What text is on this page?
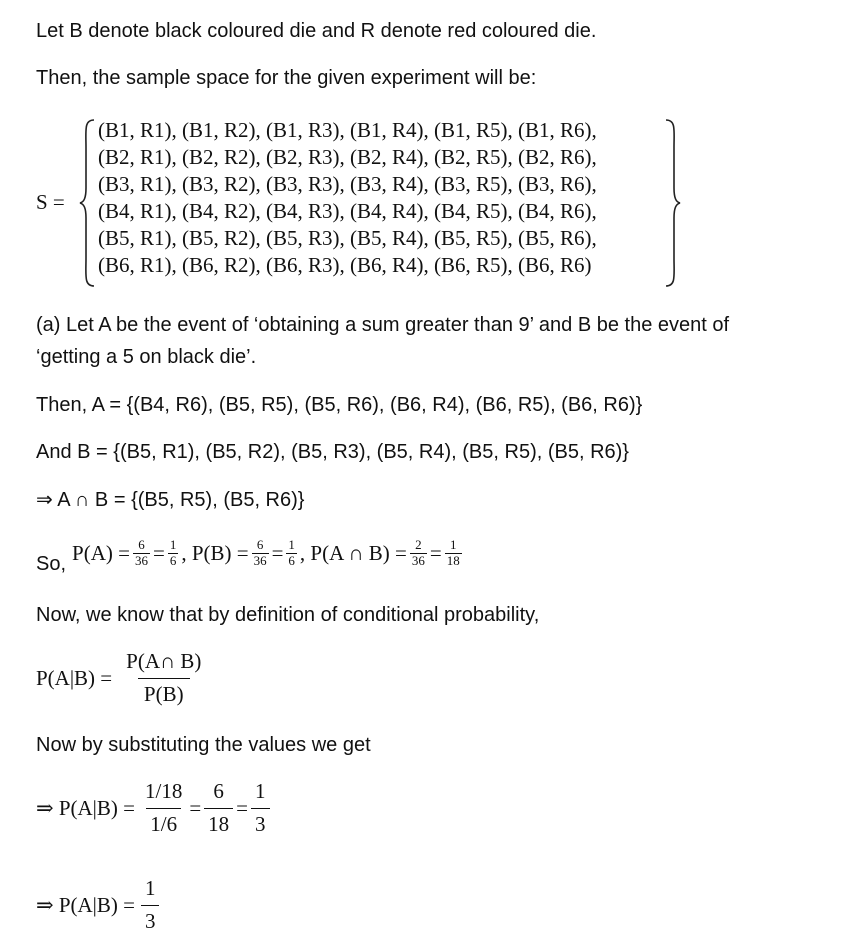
Let B denote black coloured die and R denote red coloured die.
Then, the sample space for the given experiment will be:
S =
(B1, R1), (B1, R2), (B1, R3), (B1, R4), (B1, R5), (B1, R6),
(B2, R1), (B2, R2), (B2, R3), (B2, R4), (B2, R5), (B2, R6),
(B3, R1), (B3, R2), (B3, R3), (B3, R4), (B3, R5), (B3, R6),
(B4, R1), (B4, R2), (B4, R3), (B4, R4), (B4, R5), (B4, R6),
(B5, R1), (B5, R2), (B5, R3), (B5, R4), (B5, R5), (B5, R6),
(B6, R1), (B6, R2), (B6, R3), (B6, R4), (B6, R5), (B6, R6)
(a) Let A be the event of ‘obtaining a sum greater than 9’ and B be the event of
‘getting a 5 on black die’.
Then, A = {(B4, R6), (B5, R5), (B5, R6), (B6, R4), (B6, R5), (B6, R6)}
And B = {(B5, R1), (B5, R2), (B5, R3), (B5, R4), (B5, R5), (B5, R6)}
⇒ A ∩ B = {(B5, R5), (B5, R6)}
So, $P(A) = \frac{6}{36} = \frac{1}{6}$ , $P(B) = \frac{6}{36} = \frac{1}{6}$ , P(A ∩ $B) = \frac{2}{36} = \frac{1}{18}$
Now, we know that by definition of conditional probability,
$P(A|B) = \frac{P(A\cap B)}{P(B)}$
Now by substituting the values we get
⇒ $P(A|B) = \frac{1/18}{1/6} = \frac{6}{18} = \frac{1}{3}$
⇒ $P(A|B) = \frac{1}{3}$
